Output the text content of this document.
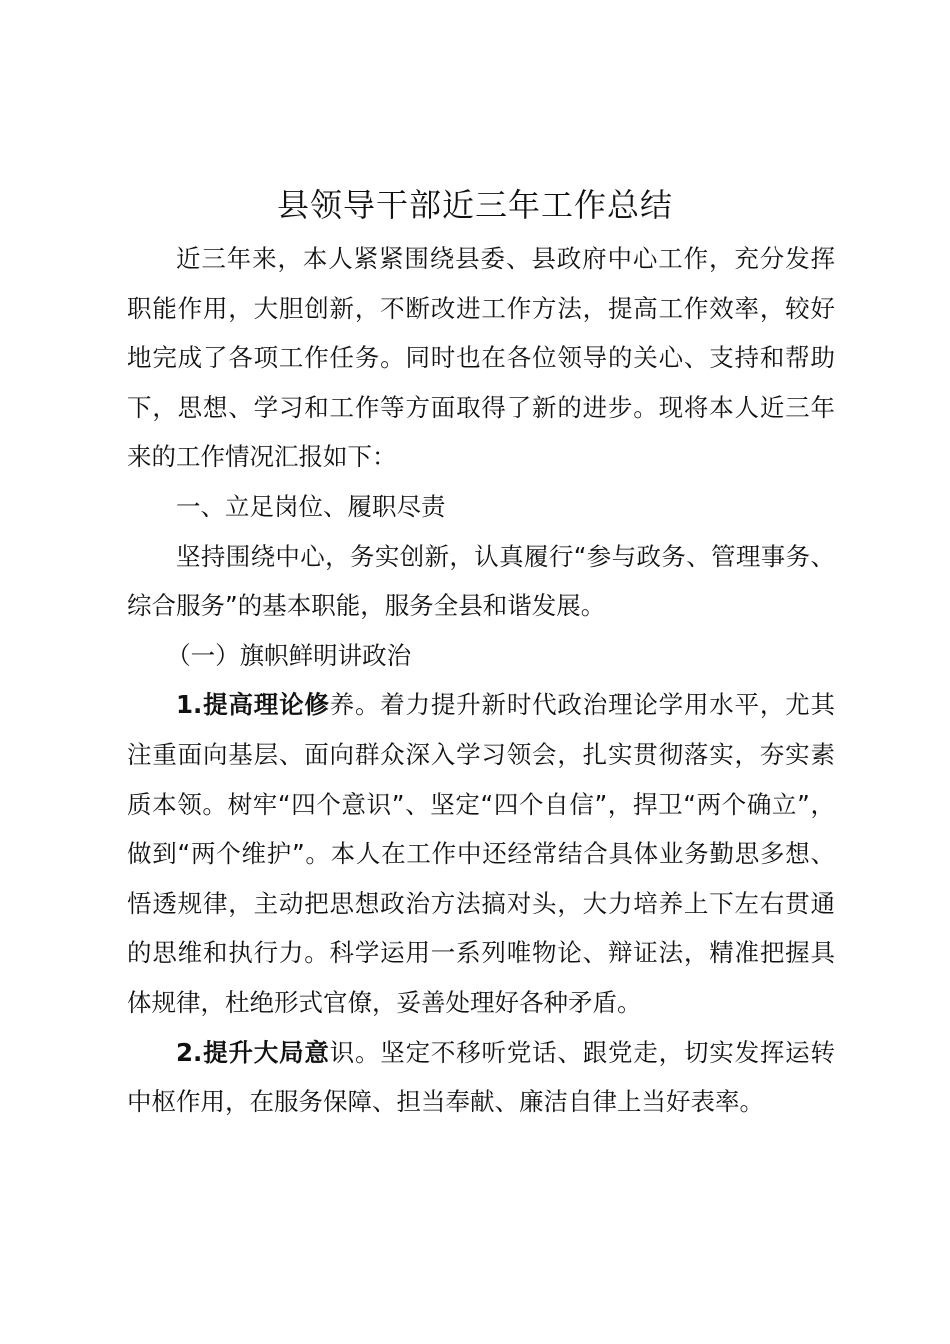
县领导干部近三年工作总结

近三年来，本人紧紧围绕县委、县政府中心工作，充分发挥职能作用，大胆创新，不断改进工作方法，提高工作效率，较好地完成了各项工作任务。同时也在各位领导的关心、支持和帮助下，思想、学习和工作等方面取得了新的进步。现将本人近三年来的工作情况汇报如下：

一、立足岗位、履职尽责

坚持围绕中心，务实创新，认真履行“参与政务、管理事务、综合服务”的基本职能，服务全县和谐发展。

（一）旗帜鲜明讲政治

1.提高理论修养。着力提升新时代政治理论学用水平，尤其注重面向基层、面向群众深入学习领会，扎实贯彻落实，夯实素质本领。树牢“四个意识”、坚定“四个自信”，捍卫“两个确立”，做到“两个维护”。本人在工作中还经常结合具体业务勤思多想、悟透规律，主动把思想政治方法搞对头，大力培养上下左右贯通的思维和执行力。科学运用一系列唯物论、辩证法，精准把握具体规律，杜绝形式官僚，妥善处理好各种矛盾。

2.提升大局意识。坚定不移听党话、跟党走，切实发挥运转中枢作用，在服务保障、担当奉献、廉洁自律上当好表率。
